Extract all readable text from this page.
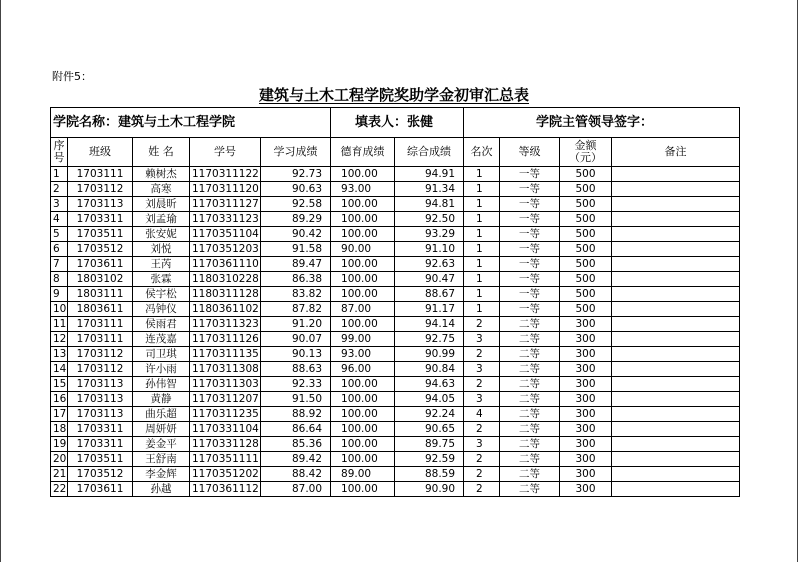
附件5：
建筑与土木工程学院奖助学金初审汇总表
学院名称：建筑与土木工程学院					填表人：张健		学院主管领导签字：			
序号	班级	姓 名	学号	学习成绩	德育成绩	综合成绩	名次	等级	金额（元）	备注
1	1703111	赖树杰	1170311122	92.73	100.00	94.91	1	一等	500	
2	1703112	高寒	1170311120	90.63	93.00	91.34	1	一等	500	
3	1703113	刘晨昕	1170311127	92.58	100.00	94.81	1	一等	500	
4	1703311	刘孟瑜	1170331123	89.29	100.00	92.50	1	一等	500	
5	1703511	张安妮	1170351104	90.42	100.00	93.29	1	一等	500	
6	1703512	刘悦	1170351203	91.58	90.00	91.10	1	一等	500	
7	1703611	王芮	1170361110	89.47	100.00	92.63	1	一等	500	
8	1803102	张霖	1180310228	86.38	100.00	90.47	1	一等	500	
9	1803111	侯宇松	1180311128	83.82	100.00	88.67	1	一等	500	
10	1803611	冯钟仪	1180361102	87.82	87.00	91.17	1	一等	500	
11	1703111	侯雨君	1170311323	91.20	100.00	94.14	2	二等	300	
12	1703111	连茂嘉	1170311126	90.07	99.00	92.75	3	二等	300	
13	1703112	司卫琪	1170311135	90.13	93.00	90.99	2	二等	300	
14	1703112	许小雨	1170311308	88.63	96.00	90.84	3	二等	300	
15	1703113	孙伟智	1170311303	92.33	100.00	94.63	2	二等	300	
16	1703113	黄静	1170311207	91.50	100.00	94.05	3	二等	300	
17	1703113	曲乐超	1170311235	88.92	100.00	92.24	4	二等	300	
18	1703311	周妍妍	1170331104	86.64	100.00	90.65	2	二等	300	
19	1703311	姜金平	1170331128	85.36	100.00	89.75	3	二等	300	
20	1703511	王舒南	1170351111	89.42	100.00	92.59	2	二等	300	
21	1703512	李金辉	1170351202	88.42	89.00	88.59	2	二等	300	
22	1703611	孙越	1170361112	87.00	100.00	90.90	2	二等	300	
